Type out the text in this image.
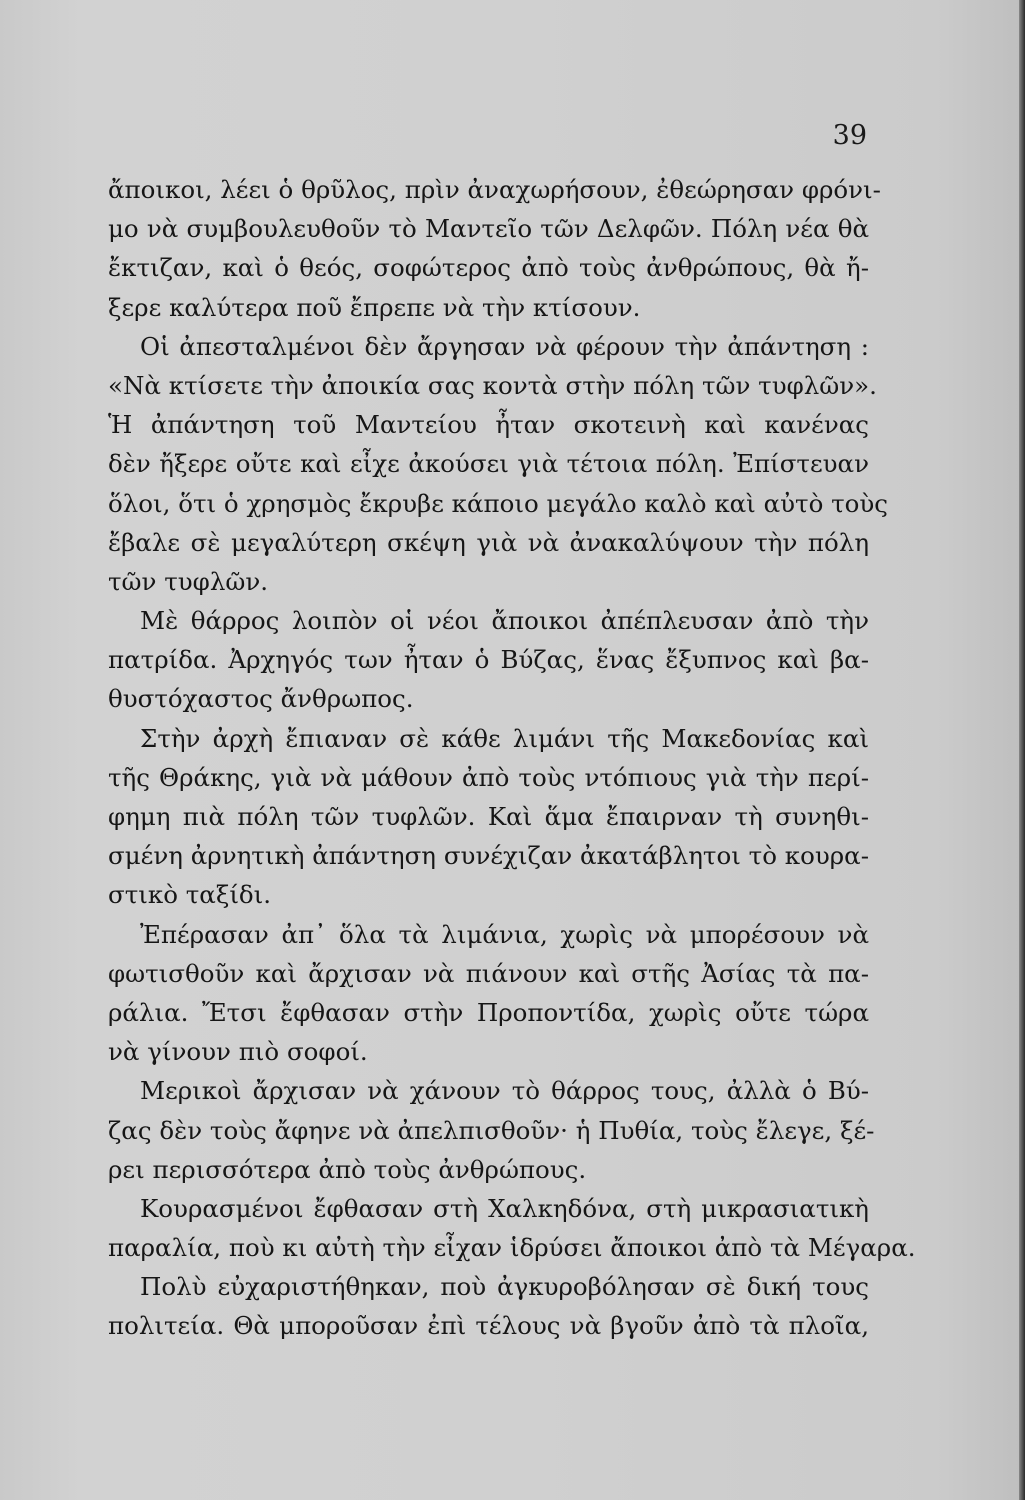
39
ἄποικοι, λέει ὁ θρῦλος, πρὶν ἀναχωρήσουν, ἐθεώρησαν φρόνι-
μο νὰ συμβουλευθοῦν τὸ Μαντεῖο τῶν Δελφῶν. Πόλη νέα θὰ
ἔκτιζαν, καὶ ὁ θεός, σοφώτερος ἀπὸ τοὺς ἀνθρώπους, θὰ ἤ-
ξερε καλύτερα ποῦ ἔπρεπε νὰ τὴν κτίσουν.
Οἱ ἀπεσταλμένοι δὲν ἄργησαν νὰ φέρουν τὴν ἀπάντηση :
«Νὰ κτίσετε τὴν ἀποικία σας κοντὰ στὴν πόλη τῶν τυφλῶν».
Ἡ ἀπάντηση τοῦ Μαντείου ἦταν σκοτεινὴ καὶ κανένας
δὲν ἤξερε οὔτε καὶ εἶχε ἀκούσει γιὰ τέτοια πόλη. Ἐπίστευαν
ὅλοι, ὅτι ὁ χρησμὸς ἔκρυβε κάποιο μεγάλο καλὸ καὶ αὐτὸ τοὺς
ἔβαλε σὲ μεγαλύτερη σκέψη γιὰ νὰ ἀνακαλύψουν τὴν πόλη
τῶν τυφλῶν.
Μὲ θάρρος λοιπὸν οἱ νέοι ἄποικοι ἀπέπλευσαν ἀπὸ τὴν
πατρίδα. Ἀρχηγός των ἦταν ὁ Βύζας, ἕνας ἔξυπνος καὶ βα-
θυστόχαστος ἄνθρωπος.
Στὴν ἀρχὴ ἔπιαναν σὲ κάθε λιμάνι τῆς Μακεδονίας καὶ
τῆς Θράκης, γιὰ νὰ μάθουν ἀπὸ τοὺς ντόπιους γιὰ τὴν περί-
φημη πιὰ πόλη τῶν τυφλῶν. Καὶ ἅμα ἔπαιρναν τὴ συνηθι-
σμένη ἀρνητικὴ ἀπάντηση συνέχιζαν ἀκατάβλητοι τὸ κουρα-
στικὸ ταξίδι.
Ἐπέρασαν ἀπ᾽ ὅλα τὰ λιμάνια, χωρὶς νὰ μπορέσουν νὰ
φωτισθοῦν καὶ ἄρχισαν νὰ πιάνουν καὶ στῆς Ἀσίας τὰ πα-
ράλια. Ἔτσι ἔφθασαν στὴν Προποντίδα, χωρὶς οὔτε τώρα
νὰ γίνουν πιὸ σοφοί.
Μερικοὶ ἄρχισαν νὰ χάνουν τὸ θάρρος τους, ἀλλὰ ὁ Βύ-
ζας δὲν τοὺς ἄφηνε νὰ ἀπελπισθοῦν· ἡ Πυθία, τοὺς ἔλεγε, ξέ-
ρει περισσότερα ἀπὸ τοὺς ἀνθρώπους.
Κουρασμένοι ἔφθασαν στὴ Χαλκηδόνα, στὴ μικρασιατικὴ
παραλία, ποὺ κι αὐτὴ τὴν εἶχαν ἱδρύσει ἄποικοι ἀπὸ τὰ Μέγαρα.
Πολὺ εὐχαριστήθηκαν, ποὺ ἀγκυροβόλησαν σὲ δική τους
πολιτεία. Θὰ μποροῦσαν ἐπὶ τέλους νὰ βγοῦν ἀπὸ τὰ πλοῖα,
